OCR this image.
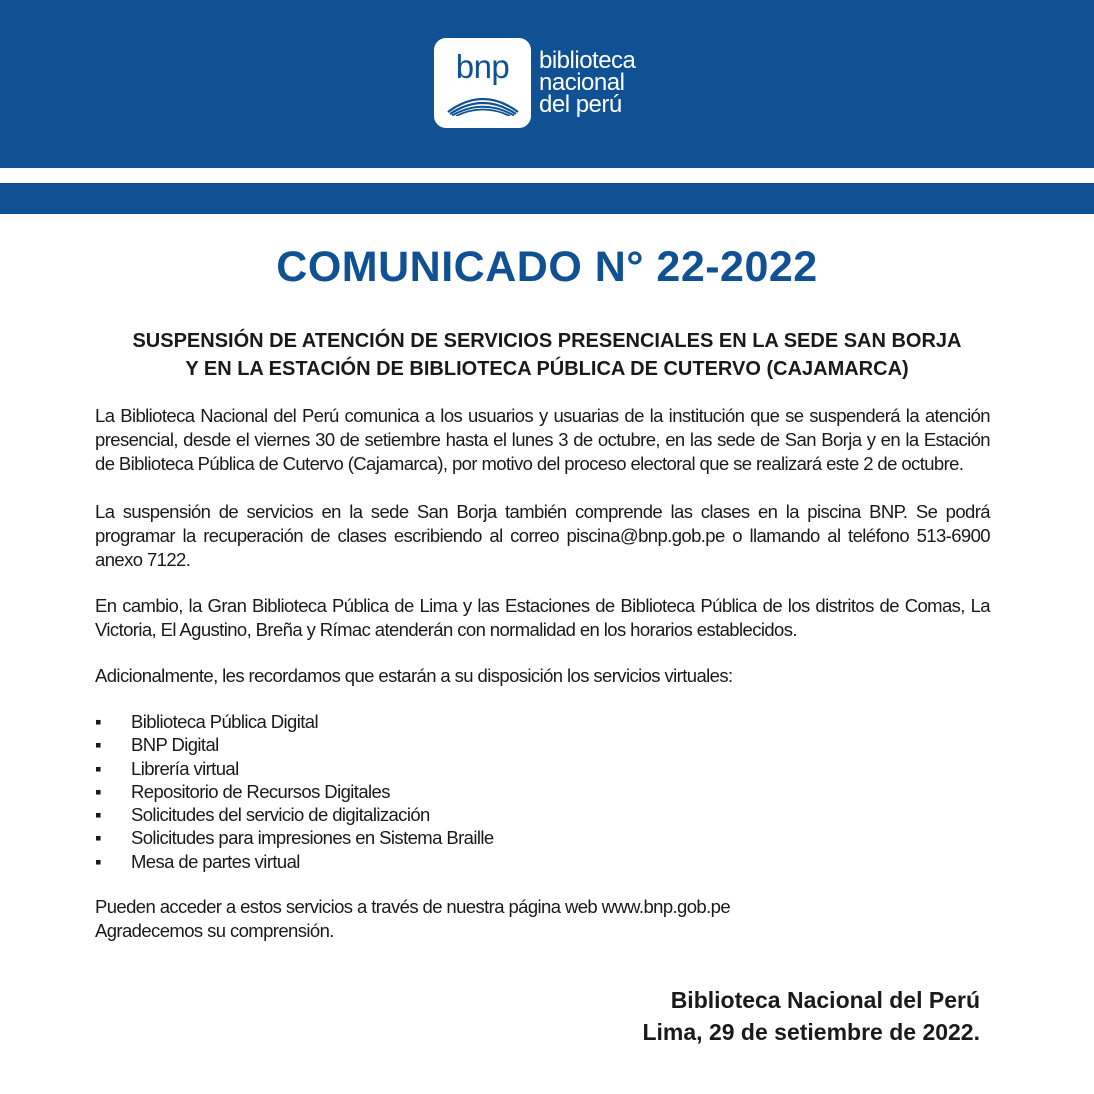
bnp	biblioteca
nacional
del perú
COMUNICADO N° 22-2022
SUSPENSIÓN DE ATENCIÓN DE SERVICIOS PRESENCIALES EN LA SEDE SAN BORJA
Y EN LA ESTACIÓN DE BIBLIOTECA PÚBLICA DE CUTERVO (CAJAMARCA)

La Biblioteca Nacional del Perú comunica a los usuarios y usuarias de la institución que se suspenderá la atención presencial, desde el viernes 30 de setiembre hasta el lunes 3 de octubre, en las sede de San Borja y en la Estación de Biblioteca Pública de Cutervo (Cajamarca), por motivo del proceso electoral que se realizará este 2 de octubre.

La suspensión de servicios en la sede San Borja también comprende las clases en la piscina BNP. Se podrá programar la recuperación de clases escribiendo al correo piscina@bnp.gob.pe o llamando al teléfono 513-6900 anexo 7122.

En cambio, la Gran Biblioteca Pública de Lima y las Estaciones de Biblioteca Pública de los distritos de Comas, La Victoria, El Agustino, Breña y Rímac atenderán con normalidad en los horarios establecidos.

Adicionalmente, les recordamos que estarán a su disposición los servicios virtuales:

▪ Biblioteca Pública Digital
▪ BNP Digital
▪ Librería virtual
▪ Repositorio de Recursos Digitales
▪ Solicitudes del servicio de digitalización
▪ Solicitudes para impresiones en Sistema Braille
▪ Mesa de partes virtual

Pueden acceder a estos servicios a través de nuestra página web www.bnp.gob.pe

Agradecemos su comprensión.

Biblioteca Nacional del Perú
Lima, 29 de setiembre de 2022.
